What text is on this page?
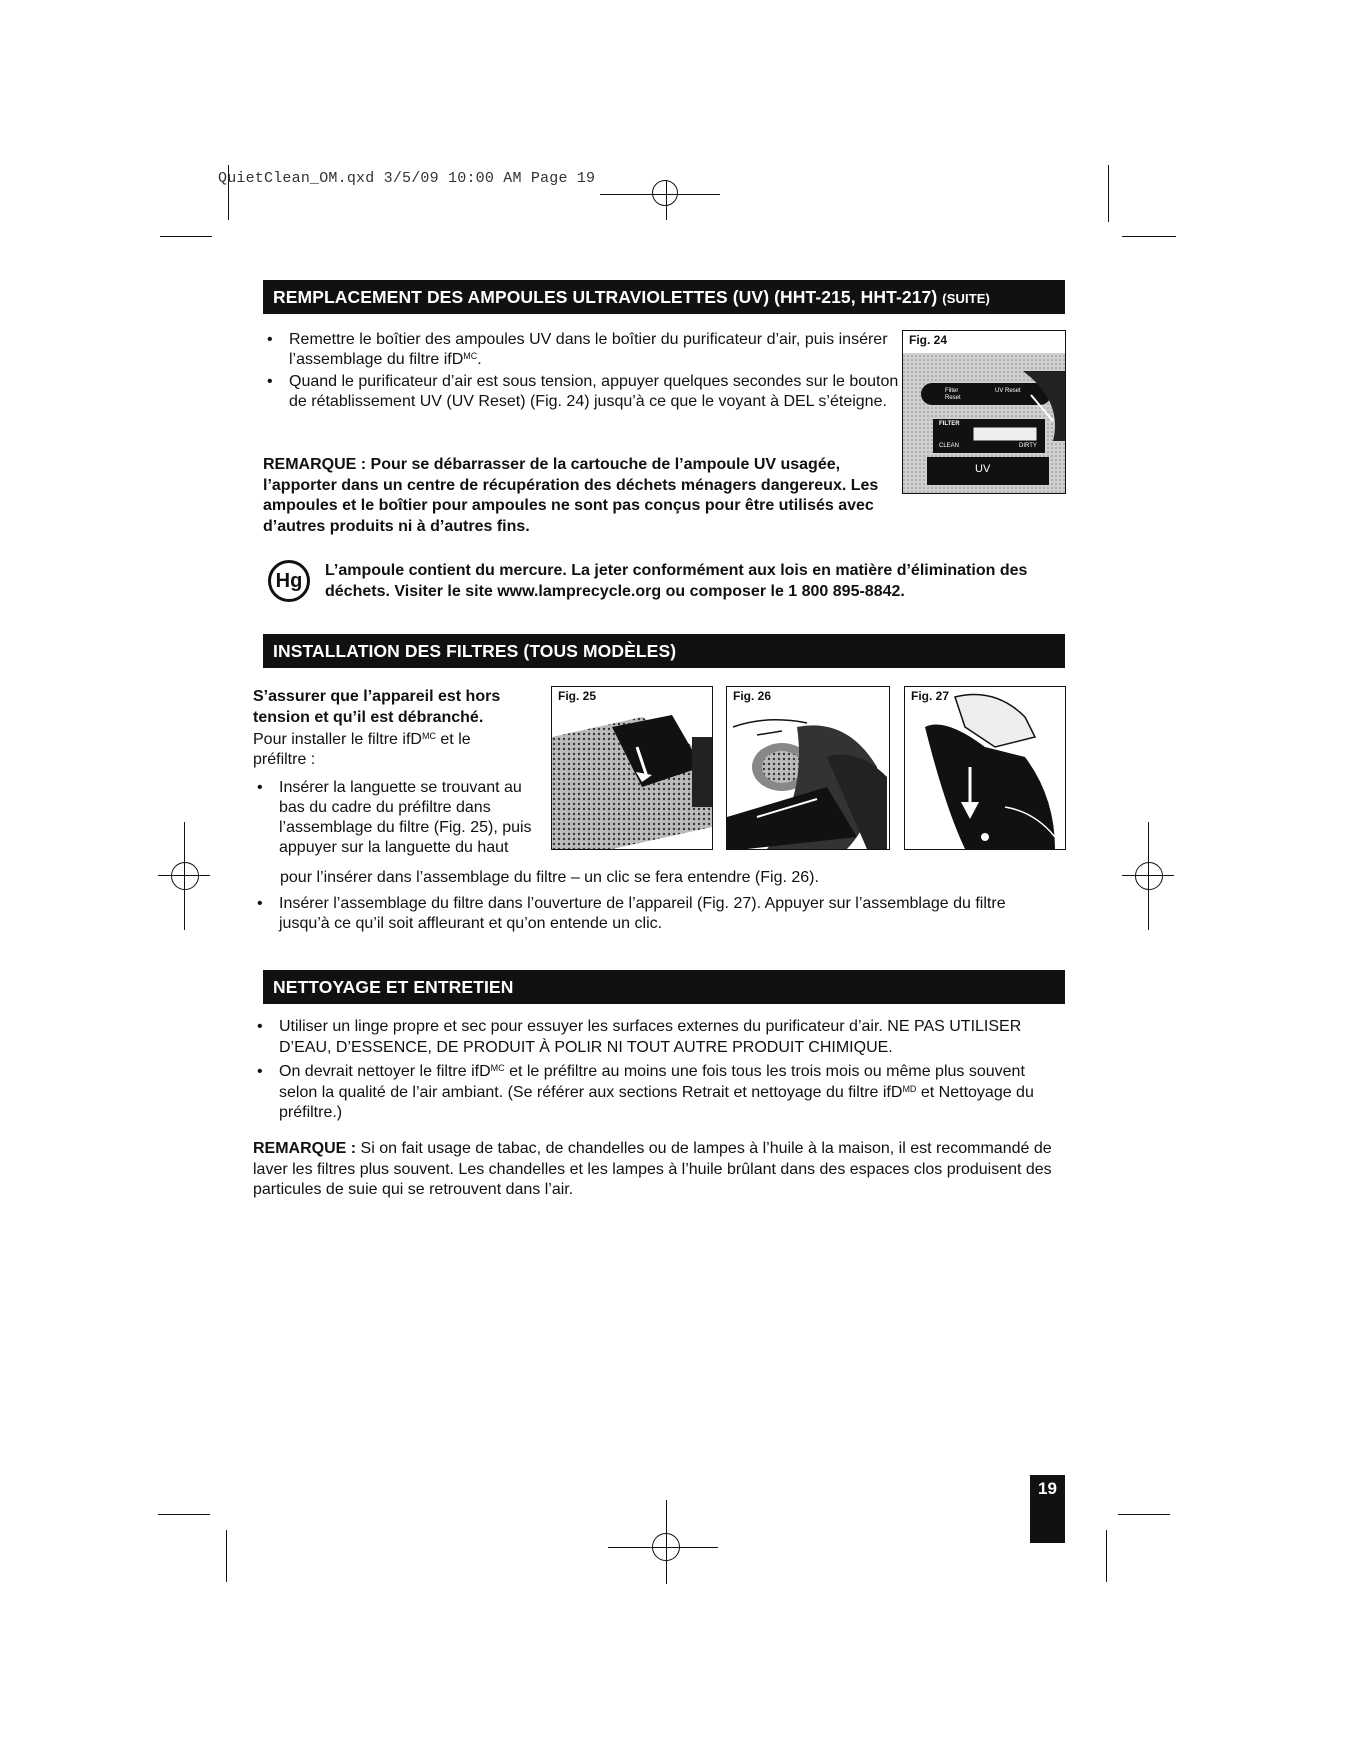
QuietClean_OM.qxd 3/5/09 10:00 AM Page 19
REMPLACEMENT DES AMPOULES ULTRAVIOLETTES (UV) (HHT-215, HHT-217) (SUITE)
• Remettre le boîtier des ampoules UV dans le boîtier du purificateur d’air, puis insérer l’assemblage du filtre ifD$^{MC}$.
• Quand le purificateur d’air est sous tension, appuyer quelques secondes sur le bouton de rétablissement UV (UV Reset) (Fig. 24) jusqu’à ce que le voyant à DEL s’éteigne.
REMARQUE : Pour se débarrasser de la cartouche de l’ampoule UV usagée, l’apporter dans un centre de récupération des déchets ménagers dangereux. Les ampoules et le boîtier pour ampoules ne sont pas conçus pour être utilisés avec d’autres produits ni à d’autres fins.
Fig. 24
Filter Reset
UV Reset
FILTER
CLEAN	DIRTY
UV
Hg	L’ampoule contient du mercure. La jeter conformément aux lois en matière d’élimination des déchets. Visiter le site www.lamprecycle.org ou composer le 1 800 895-8842.
INSTALLATION DES FILTRES (TOUS MODÈLES)
S’assurer que l’appareil est hors tension et qu’il est débranché.
Pour installer le filtre ifD$^{MC}$ et le préfiltre :
• Insérer la languette se trouvant au bas du cadre du préfiltre dans l’assemblage du filtre (Fig. 25), puis appuyer sur la languette du haut
pour l’insérer dans l’assemblage du filtre – un clic se fera entendre (Fig. 26).
• Insérer l’assemblage du filtre dans l’ouverture de l’appareil (Fig. 27). Appuyer sur l’assemblage du filtre jusqu’à ce qu’il soit affleurant et qu’on entende un clic.
Fig. 25	Fig. 26	Fig. 27
NETTOYAGE ET ENTRETIEN
• Utiliser un linge propre et sec pour essuyer les surfaces externes du purificateur d’air. NE PAS UTILISER D’EAU, D’ESSENCE, DE PRODUIT À POLIR NI TOUT AUTRE PRODUIT CHIMIQUE.
• On devrait nettoyer le filtre ifD$^{MC}$ et le préfiltre au moins une fois tous les trois mois ou même plus souvent selon la qualité de l’air ambiant. (Se référer aux sections Retrait et nettoyage du filtre ifD$^{MD}$ et Nettoyage du préfiltre.)
REMARQUE : Si on fait usage de tabac, de chandelles ou de lampes à l’huile à la maison, il est recommandé de laver les filtres plus souvent. Les chandelles et les lampes à l’huile brûlant dans des espaces clos produisent des particules de suie qui se retrouvent dans l’air.
19
